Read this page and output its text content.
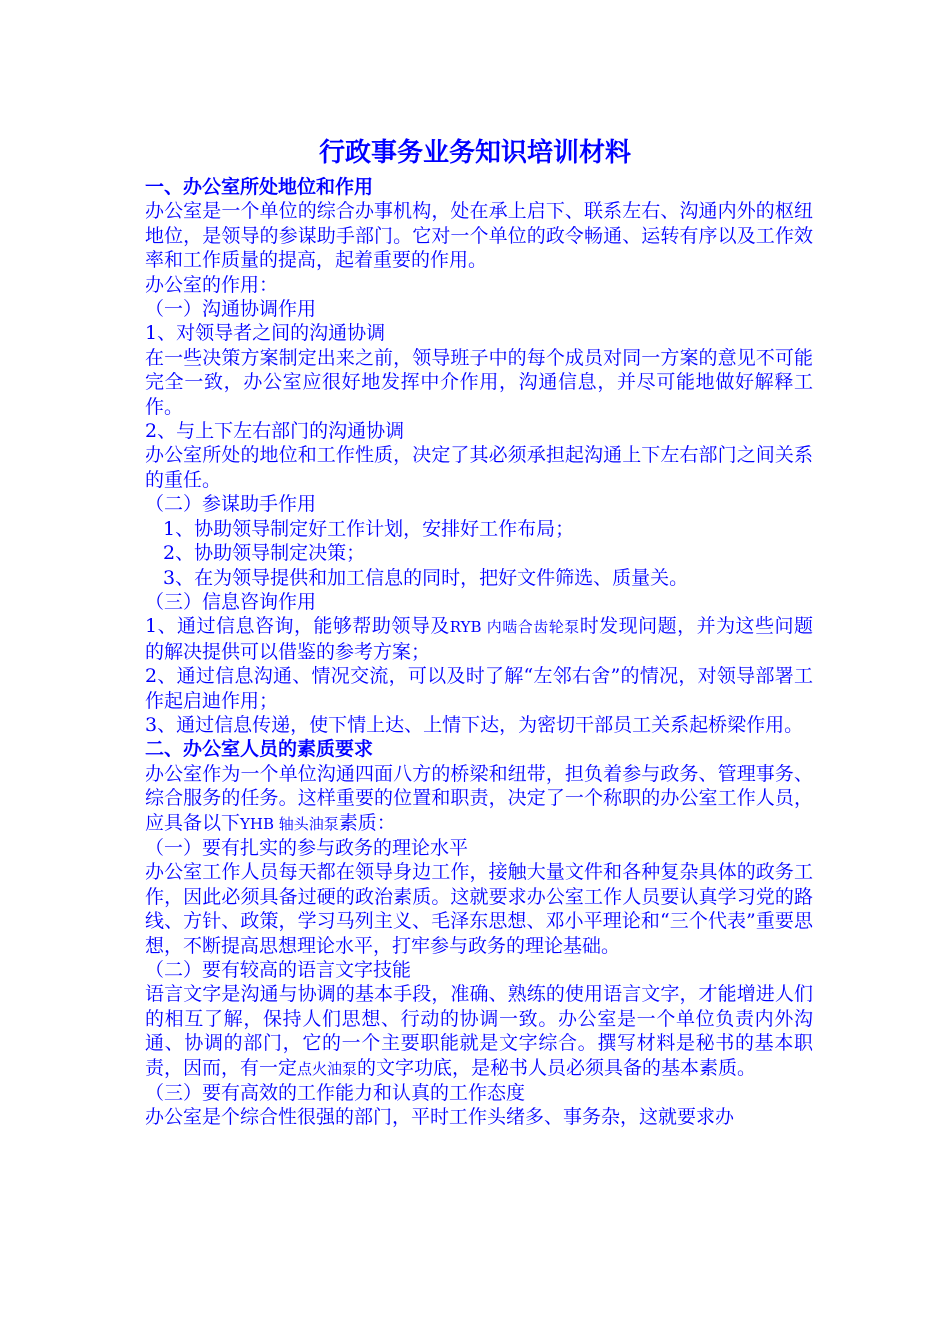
行政事务业务知识培训材料

一、办公室所处地位和作用

办公室是一个单位的综合办事机构，处在承上启下、联系左右、沟通内外的枢纽地位，是领导的参谋助手部门。它对一个单位的政令畅通、运转有序以及工作效率和工作质量的提高，起着重要的作用。

办公室的作用：

（一）沟通协调作用

1、对领导者之间的沟通协调

在一些决策方案制定出来之前，领导班子中的每个成员对同一方案的意见不可能完全一致，办公室应很好地发挥中介作用，沟通信息，并尽可能地做好解释工作。

2、与上下左右部门的沟通协调

办公室所处的地位和工作性质，决定了其必须承担起沟通上下左右部门之间关系的重任。

（二）参谋助手作用

1、协助领导制定好工作计划，安排好工作布局；

2、协助领导制定决策；

3、在为领导提供和加工信息的同时，把好文件筛选、质量关。

（三）信息咨询作用

1、通过信息咨询，能够帮助领导及RYB 内啮合齿轮泵时发现问题，并为这些问题的解决提供可以借鉴的参考方案；

2、通过信息沟通、情况交流，可以及时了解“左邻右舍”的情况，对领导部署工作起启迪作用；

3、通过信息传递，使下情上达、上情下达，为密切干部员工关系起桥梁作用。

二、办公室人员的素质要求

办公室作为一个单位沟通四面八方的桥梁和纽带，担负着参与政务、管理事务、综合服务的任务。这样重要的位置和职责，决定了一个称职的办公室工作人员，应具备以下YHB 轴头油泵素质：

（一）要有扎实的参与政务的理论水平

办公室工作人员每天都在领导身边工作，接触大量文件和各种复杂具体的政务工作，因此必须具备过硬的政治素质。这就要求办公室工作人员要认真学习党的路线、方针、政策，学习马列主义、毛泽东思想、邓小平理论和“三个代表”重要思想，不断提高思想理论水平，打牢参与政务的理论基础。

（二）要有较高的语言文字技能

语言文字是沟通与协调的基本手段，准确、熟练的使用语言文字，才能增进人们的相互了解，保持人们思想、行动的协调一致。办公室是一个单位负责内外沟通、协调的部门，它的一个主要职能就是文字综合。撰写材料是秘书的基本职责，因而，有一定点火油泵的文字功底，是秘书人员必须具备的基本素质。

（三）要有高效的工作能力和认真的工作态度

办公室是个综合性很强的部门，平时工作头绪多、事务杂，这就要求办
